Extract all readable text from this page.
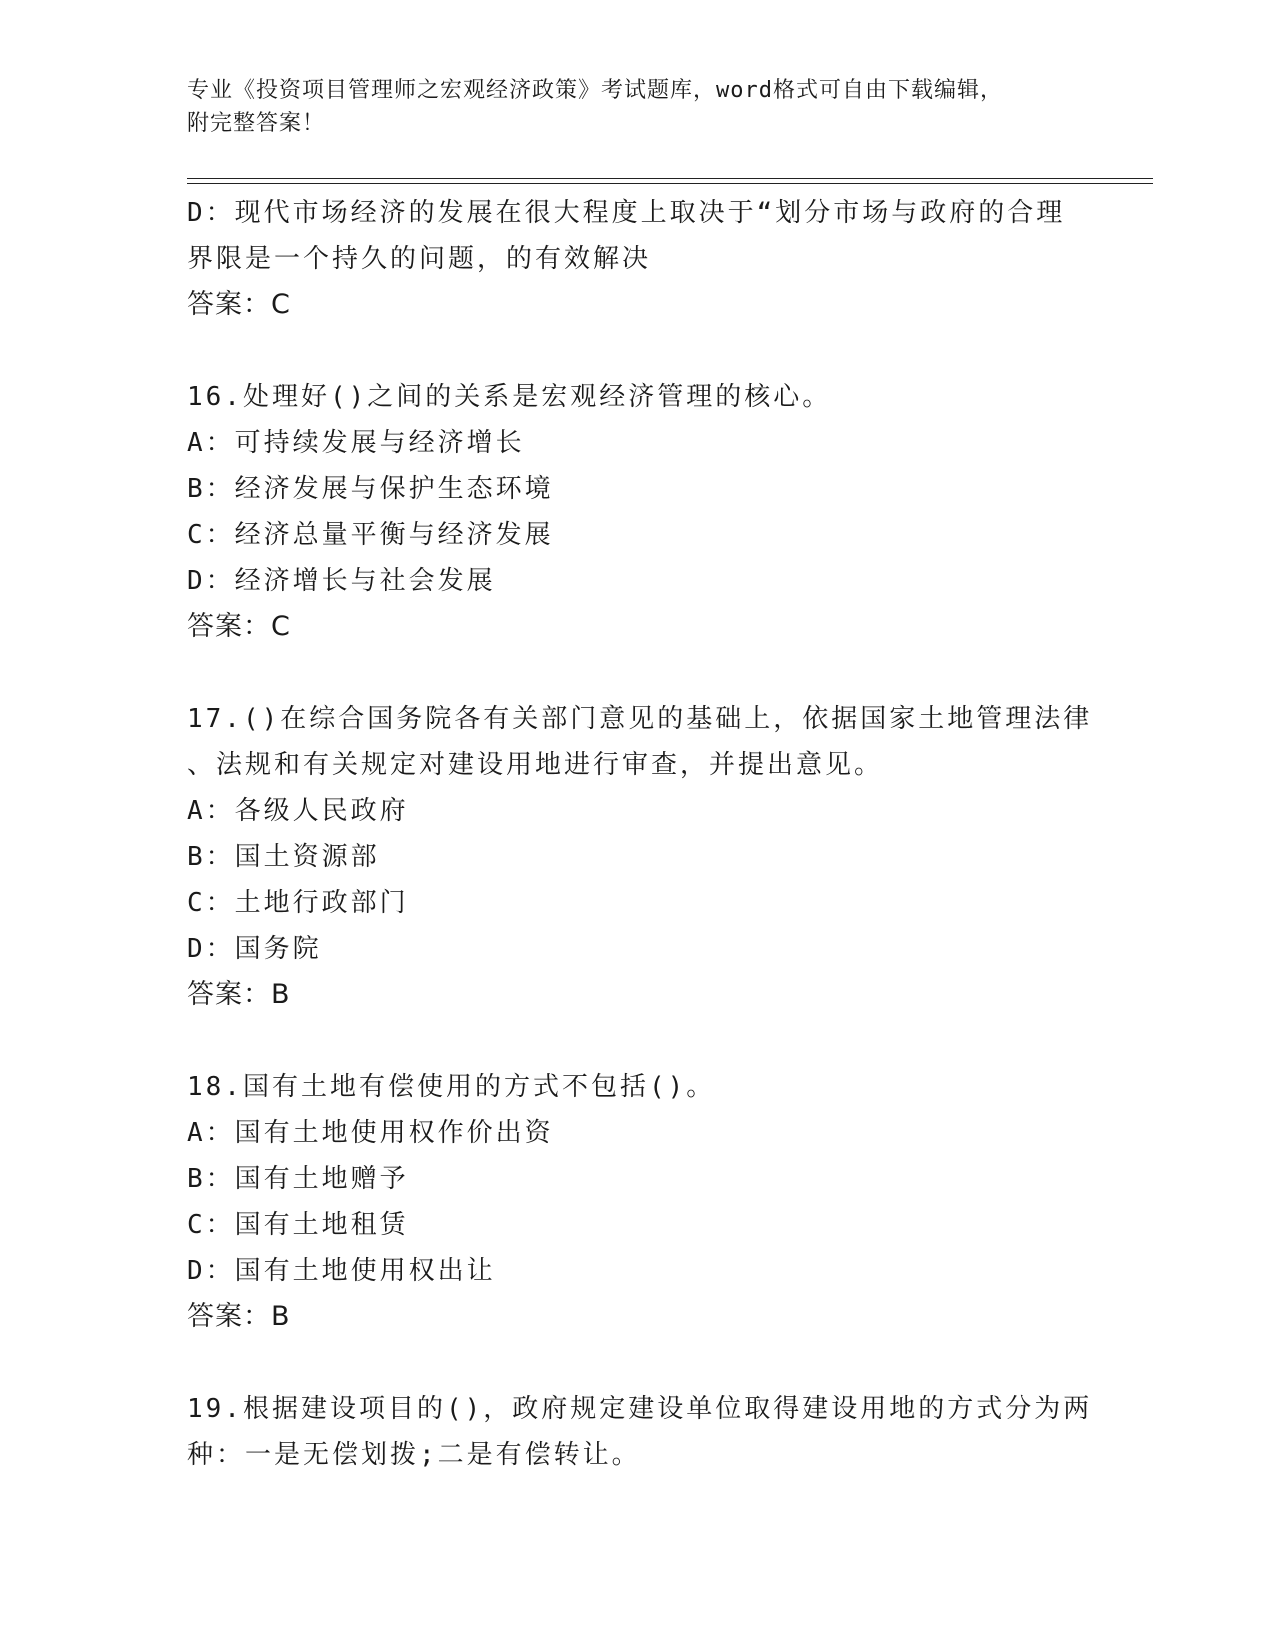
专业《投资项目管理师之宏观经济政策》考试题库，word格式可自由下载编辑，
附完整答案！
D：现代市场经济的发展在很大程度上取决于“划分市场与政府的合理
界限是一个持久的问题，的有效解决
答案：C
16.处理好()之间的关系是宏观经济管理的核心。
A：可持续发展与经济增长
B：经济发展与保护生态环境
C：经济总量平衡与经济发展
D：经济增长与社会发展
答案：C
17.()在综合国务院各有关部门意见的基础上，依据国家土地管理法律
、法规和有关规定对建设用地进行审查，并提出意见。
A：各级人民政府
B：国土资源部
C：土地行政部门
D：国务院
答案：B
18.国有土地有偿使用的方式不包括()。
A：国有土地使用权作价出资
B：国有土地赠予
C：国有土地租赁
D：国有土地使用权出让
答案：B
19.根据建设项目的()，政府规定建设单位取得建设用地的方式分为两
种：一是无偿划拨;二是有偿转让。
